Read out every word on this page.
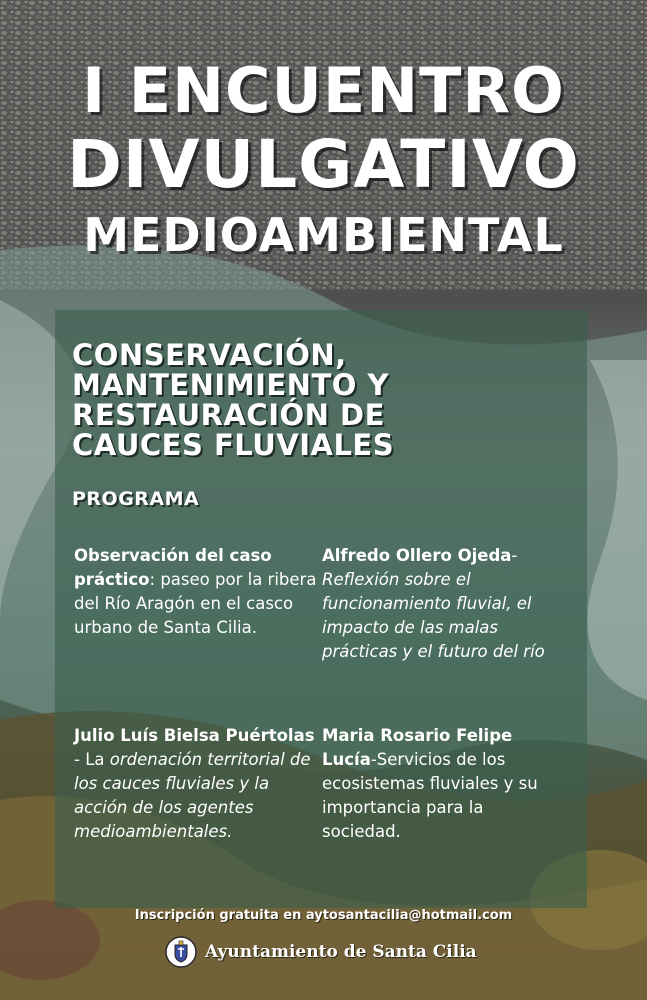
I ENCUENTRO
DIVULGATIVO
MEDIOAMBIENTAL
CONSERVACIÓN,
MANTENIMIENTO Y
RESTAURACIÓN DE
CAUCES FLUVIALES
PROGRAMA
Observación del caso práctico: paseo por la ribera del Río Aragón en el casco urbano de Santa Cilia.
Alfredo Ollero Ojeda- Reflexión sobre el funcionamiento fluvial, el impacto de las malas prácticas y el futuro del río
Julio Luís Bielsa Puértolas - La ordenación territorial de los cauces fluviales y la acción de los agentes medioambientales.
Maria Rosario Felipe Lucía-Servicios de los ecosistemas fluviales y su importancia para la sociedad.
Inscripción gratuita en aytosantacilia@hotmail.com
Ayuntamiento de Santa Cilia
